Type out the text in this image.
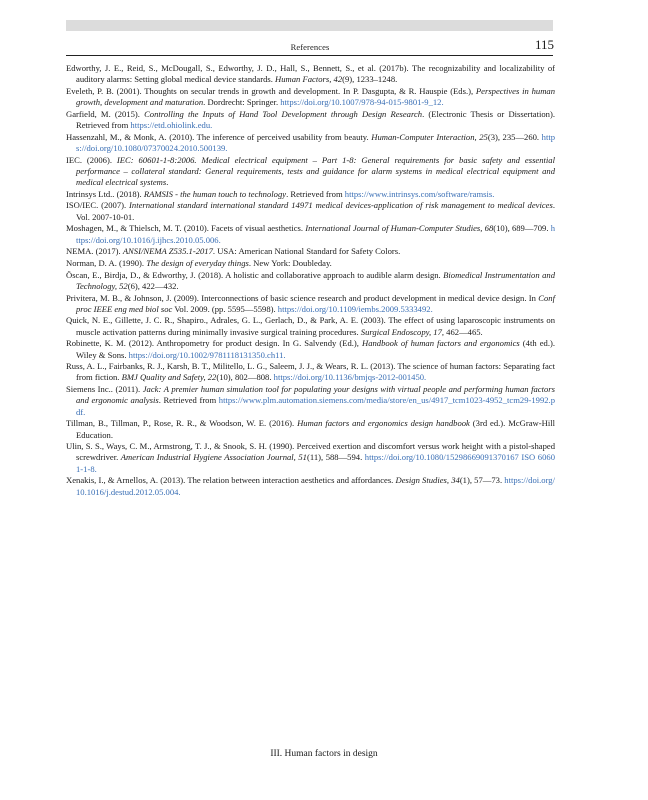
References	115

Edworthy, J. E., Reid, S., McDougall, S., Edworthy, J. D., Hall, S., Bennett, S., et al. (2017b). The recognizability and localizability of auditory alarms: Setting global medical device standards. Human Factors, 42(9), 1233–1248.

Eveleth, P. B. (2001). Thoughts on secular trends in growth and development. In P. Dasgupta, & R. Hauspie (Eds.), Perspectives in human growth, development and maturation. Dordrecht: Springer. https://doi.org/10.1007/978-94-015-9801-9_12.

Garfield, M. (2015). Controlling the Inputs of Hand Tool Development through Design Research. (Electronic Thesis or Dissertation). Retrieved from https://etd.ohiolink.edu.

Hassenzahl, M., & Monk, A. (2010). The inference of perceived usability from beauty. Human-Computer Interaction, 25(3), 235—260. https://doi.org/10.1080/07370024.2010.500139.

IEC. (2006). IEC: 60601-1-8:2006. Medical electrical equipment – Part 1-8: General requirements for basic safety and essential performance – collateral standard: General requirements, tests and guidance for alarm systems in medical electrical equipment and medical electrical systems.

Intrinsys Ltd.. (2018). RAMSIS - the human touch to technology. Retrieved from https://www.intrinsys.com/software/ramsis.

ISO/IEC. (2007). International standard international standard 14971 medical devices-application of risk management to medical devices. Vol. 2007-10-01.

Moshagen, M., & Thielsch, M. T. (2010). Facets of visual aesthetics. International Journal of Human-Computer Studies, 68(10), 689—709. https://doi.org/10.1016/j.ijhcs.2010.05.006.

NEMA. (2017). ANSI/NEMA Z535.1-2017. USA: American National Standard for Safety Colors.

Norman, D. A. (1990). The design of everyday things. New York: Doubleday.

Öscan, E., Birdja, D., & Edworthy, J. (2018). A holistic and collaborative approach to audible alarm design. Biomedical Instrumentation and Technology, 52(6), 422—432.

Privitera, M. B., & Johnson, J. (2009). Interconnections of basic science research and product development in medical device design. In Conf proc IEEE eng med biol soc Vol. 2009. (pp. 5595—5598). https://doi.org/10.1109/iembs.2009.5333492.

Quick, N. E., Gillette, J. C. R., Shapiro., Adrales, G. L., Gerlach, D., & Park, A. E. (2003). The effect of using laparoscopic instruments on muscle activation patterns during minimally invasive surgical training procedures. Surgical Endoscopy, 17, 462—465.

Robinette, K. M. (2012). Anthropometry for product design. In G. Salvendy (Ed.), Handbook of human factors and ergonomics (4th ed.). Wiley & Sons. https://doi.org/10.1002/9781118131350.ch11.

Russ, A. L., Fairbanks, R. J., Karsh, B. T., Militello, L. G., Saleem, J. J., & Wears, R. L. (2013). The science of human factors: Separating fact from fiction. BMJ Quality and Safety, 22(10), 802—808. https://doi.org/10.1136/bmjqs-2012-001450.

Siemens Inc.. (2011). Jack: A premier human simulation tool for populating your designs with virtual people and performing human factors and ergonomic analysis. Retrieved from https://www.plm.automation.siemens.com/media/store/en_us/4917_tcm1023-4952_tcm29-1992.pdf.

Tillman, B., Tillman, P., Rose, R. R., & Woodson, W. E. (2016). Human factors and ergonomics design handbook (3rd ed.). McGraw-Hill Education.

Ulin, S. S., Ways, C. M., Armstrong, T. J., & Snook, S. H. (1990). Perceived exertion and discomfort versus work height with a pistol-shaped screwdriver. American Industrial Hygiene Association Journal, 51(11), 588—594. https://doi.org/10.1080/15298669091370167 ISO 60601-1-8.

Xenakis, I., & Arnellos, A. (2013). The relation between interaction aesthetics and affordances. Design Studies, 34(1), 57—73. https://doi.org/10.1016/j.destud.2012.05.004.

III. Human factors in design
